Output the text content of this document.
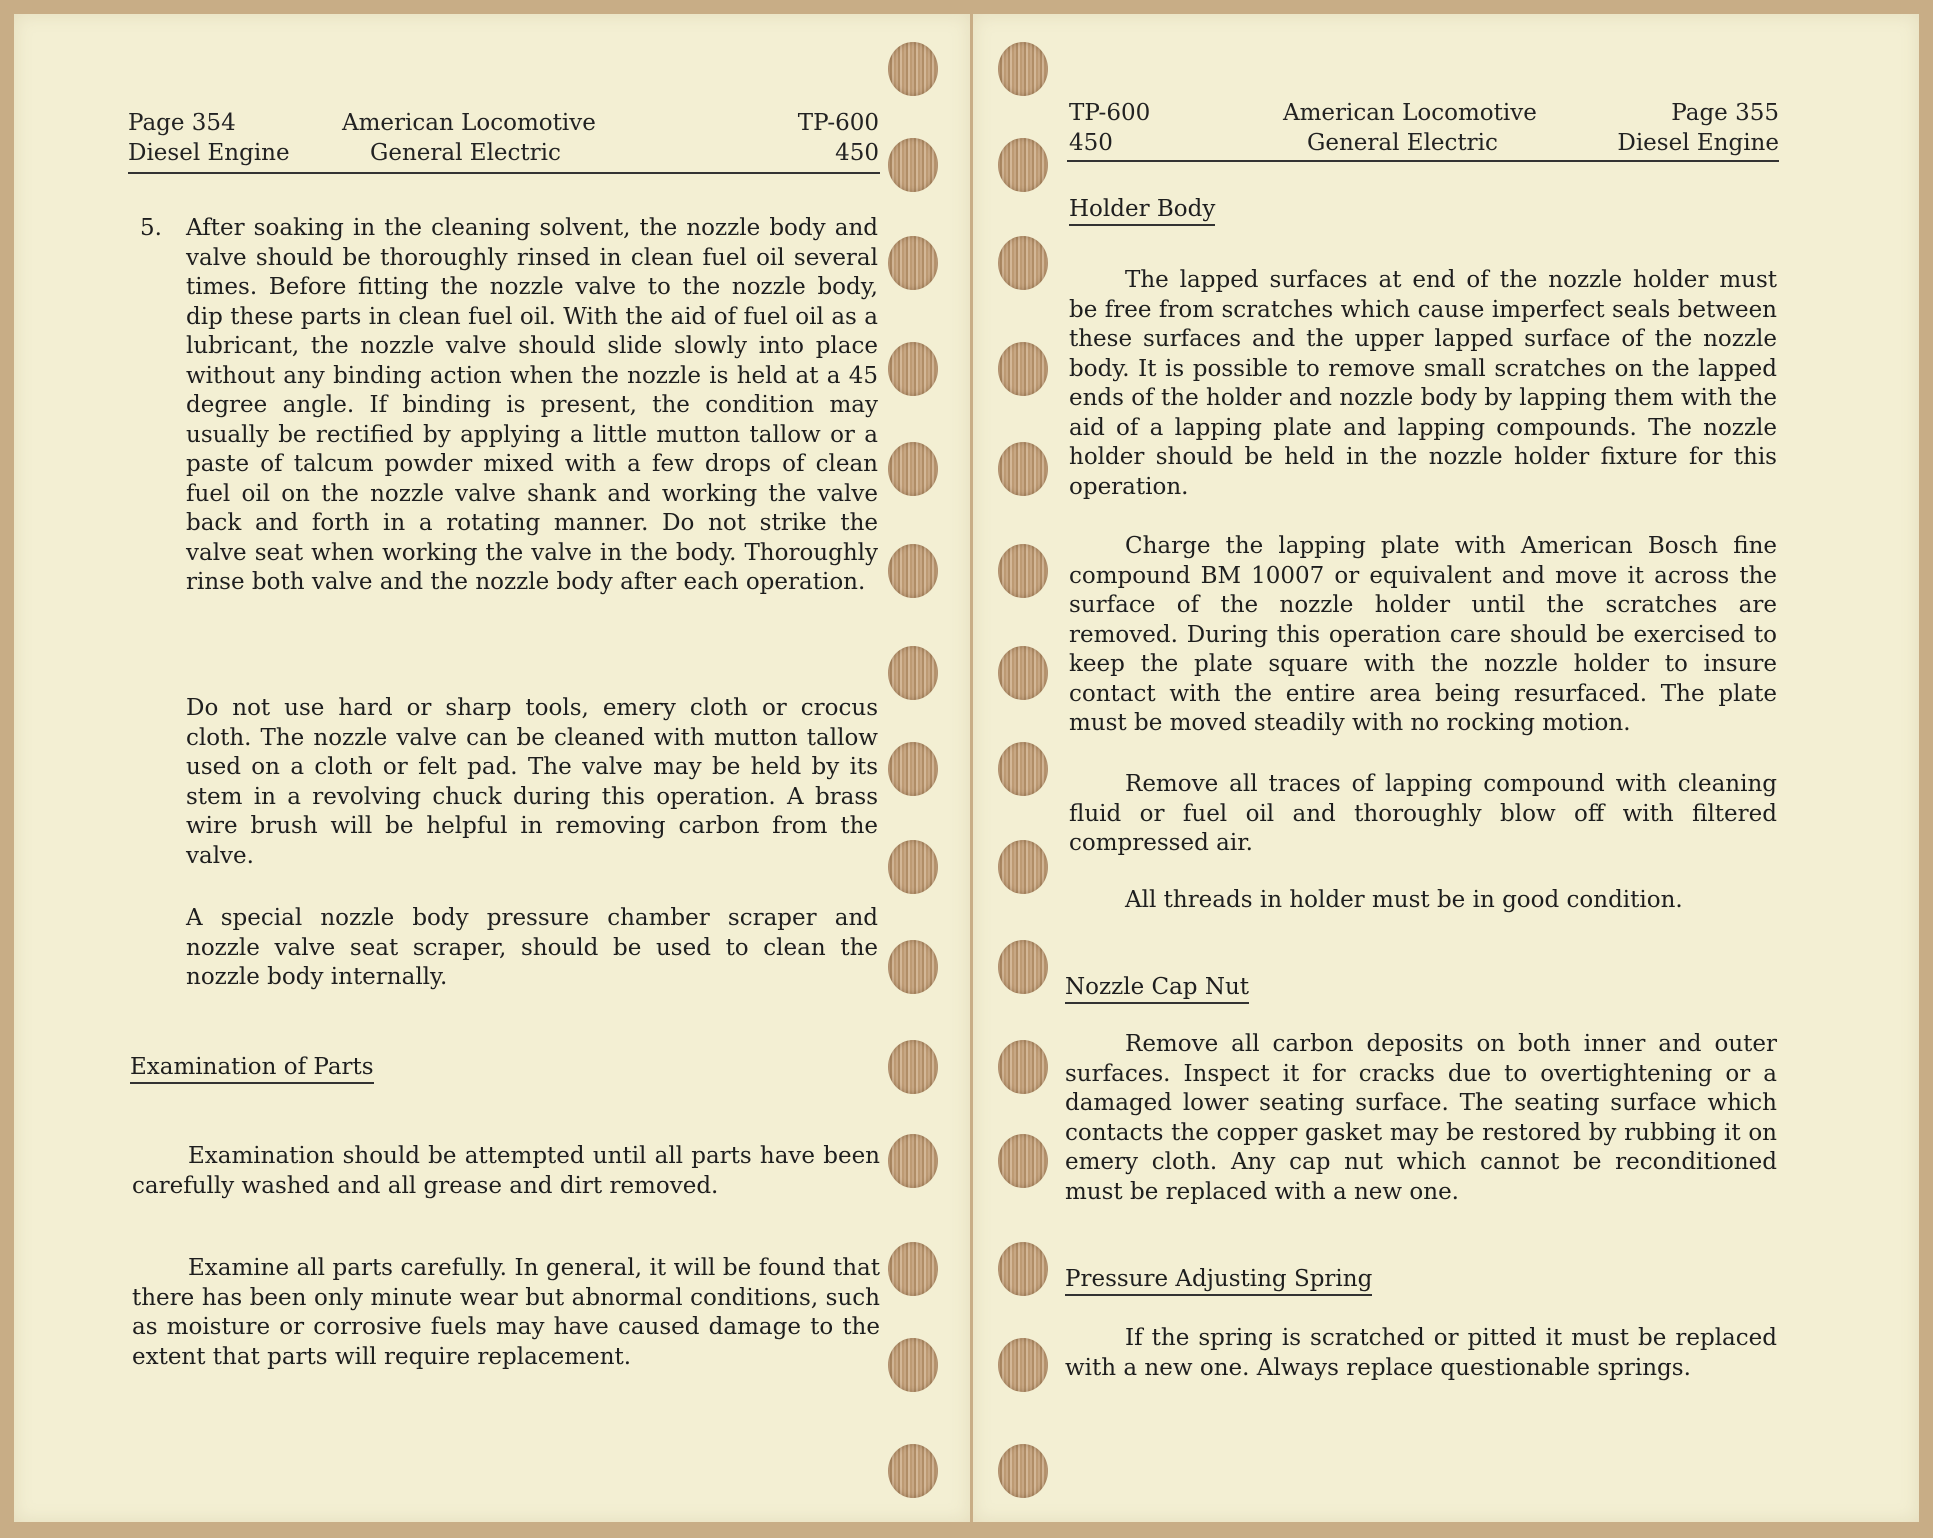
Page 354
Diesel Engine
American Locomotive
General Electric
TP-600
450
5.	After soaking in the cleaning solvent, the nozzle body and valve should be thoroughly rinsed in clean fuel oil several times. Before fitting the nozzle valve to the nozzle body, dip these parts in clean fuel oil. With the aid of fuel oil as a lubricant, the nozzle valve should slide slowly into place without any binding action when the nozzle is held at a 45 degree angle. If binding is present, the condition may usually be rectified by applying a little mutton tallow or a paste of talcum powder mixed with a few drops of clean fuel oil on the nozzle valve shank and working the valve back and forth in a rotating manner. Do not strike the valve seat when working the valve in the body. Thoroughly rinse both valve and the nozzle body after each operation.

Do not use hard or sharp tools, emery cloth or crocus cloth. The nozzle valve can be cleaned with mutton tallow used on a cloth or felt pad. The valve may be held by its stem in a revolving chuck during this operation. A brass wire brush will be helpful in removing carbon from the valve.

A special nozzle body pressure chamber scraper and nozzle valve seat scraper, should be used to clean the nozzle body internally.

Examination of Parts

Examination should be attempted until all parts have been carefully washed and all grease and dirt removed.

Examine all parts carefully. In general, it will be found that there has been only minute wear but abnormal conditions, such as moisture or corrosive fuels may have caused damage to the extent that parts will require replacement.

TP-600
450
American Locomotive
General Electric
Page 355
Diesel Engine
Holder Body

The lapped surfaces at end of the nozzle holder must be free from scratches which cause imperfect seals between these surfaces and the upper lapped surface of the nozzle body. It is possible to remove small scratches on the lapped ends of the holder and nozzle body by lapping them with the aid of a lapping plate and lapping compounds. The nozzle holder should be held in the nozzle holder fixture for this operation.

Charge the lapping plate with American Bosch fine compound BM 10007 or equivalent and move it across the surface of the nozzle holder until the scratches are removed. During this operation care should be exercised to keep the plate square with the nozzle holder to insure contact with the entire area being resurfaced. The plate must be moved steadily with no rocking motion.

Remove all traces of lapping compound with cleaning fluid or fuel oil and thoroughly blow off with filtered compressed air.

All threads in holder must be in good condition.

Nozzle Cap Nut

Remove all carbon deposits on both inner and outer surfaces. Inspect it for cracks due to overtightening or a damaged lower seating surface. The seating surface which contacts the copper gasket may be restored by rubbing it on emery cloth. Any cap nut which cannot be reconditioned must be replaced with a new one.

Pressure Adjusting Spring

If the spring is scratched or pitted it must be replaced with a new one. Always replace questionable springs.
